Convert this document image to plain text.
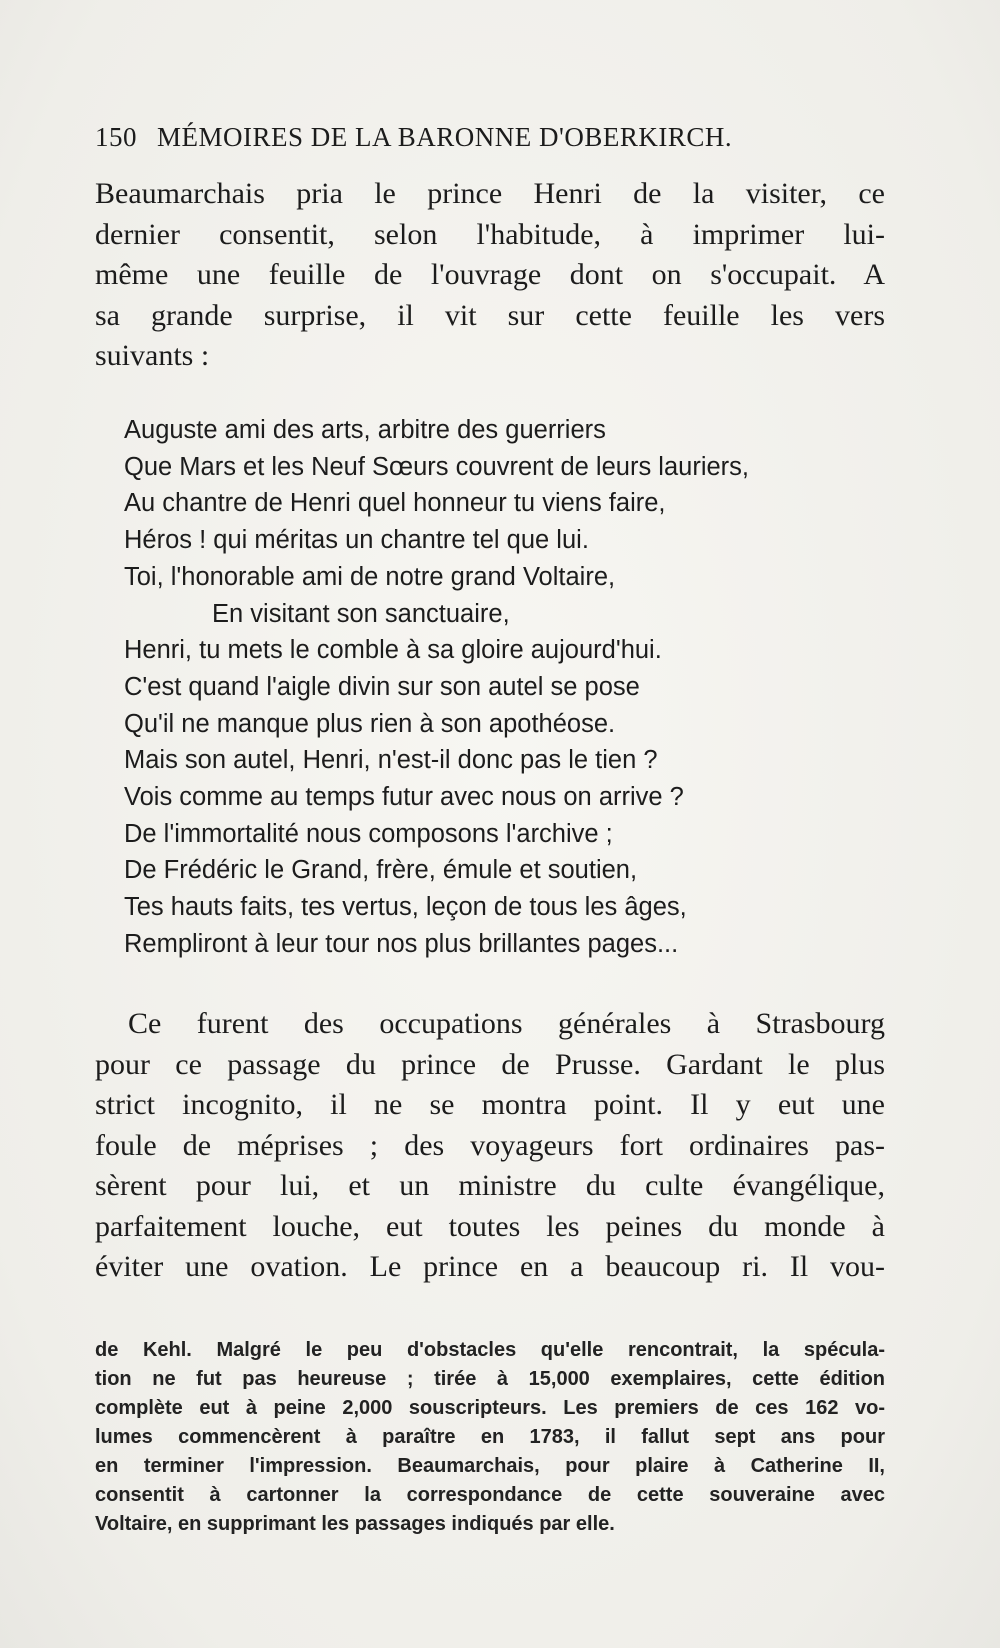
150 MÉMOIRES DE LA BARONNE D'OBERKIRCH.
Beaumarchais pria le prince Henri de la visiter, ce
dernier consentit, selon l'habitude, à imprimer lui-
même une feuille de l'ouvrage dont on s'occupait. A
sa grande surprise, il vit sur cette feuille les vers
suivants :
Auguste ami des arts, arbitre des guerriers
Que Mars et les Neuf Sœurs couvrent de leurs lauriers,
Au chantre de Henri quel honneur tu viens faire,
Héros ! qui méritas un chantre tel que lui.
Toi, l'honorable ami de notre grand Voltaire,
En visitant son sanctuaire,
Henri, tu mets le comble à sa gloire aujourd'hui.
C'est quand l'aigle divin sur son autel se pose
Qu'il ne manque plus rien à son apothéose.
Mais son autel, Henri, n'est-il donc pas le tien ?
Vois comme au temps futur avec nous on arrive ?
De l'immortalité nous composons l'archive ;
De Frédéric le Grand, frère, émule et soutien,
Tes hauts faits, tes vertus, leçon de tous les âges,
Rempliront à leur tour nos plus brillantes pages...
Ce furent des occupations générales à Strasbourg
pour ce passage du prince de Prusse. Gardant le plus
strict incognito, il ne se montra point. Il y eut une
foule de méprises ; des voyageurs fort ordinaires pas-
sèrent pour lui, et un ministre du culte évangélique,
parfaitement louche, eut toutes les peines du monde à
éviter une ovation. Le prince en a beaucoup ri. Il vou-
de Kehl. Malgré le peu d'obstacles qu'elle rencontrait, la spécula-
tion ne fut pas heureuse ; tirée à 15,000 exemplaires, cette édition
complète eut à peine 2,000 souscripteurs. Les premiers de ces 162 vo-
lumes commencèrent à paraître en 1783, il fallut sept ans pour
en terminer l'impression. Beaumarchais, pour plaire à Catherine II,
consentit à cartonner la correspondance de cette souveraine avec
Voltaire, en supprimant les passages indiqués par elle.
